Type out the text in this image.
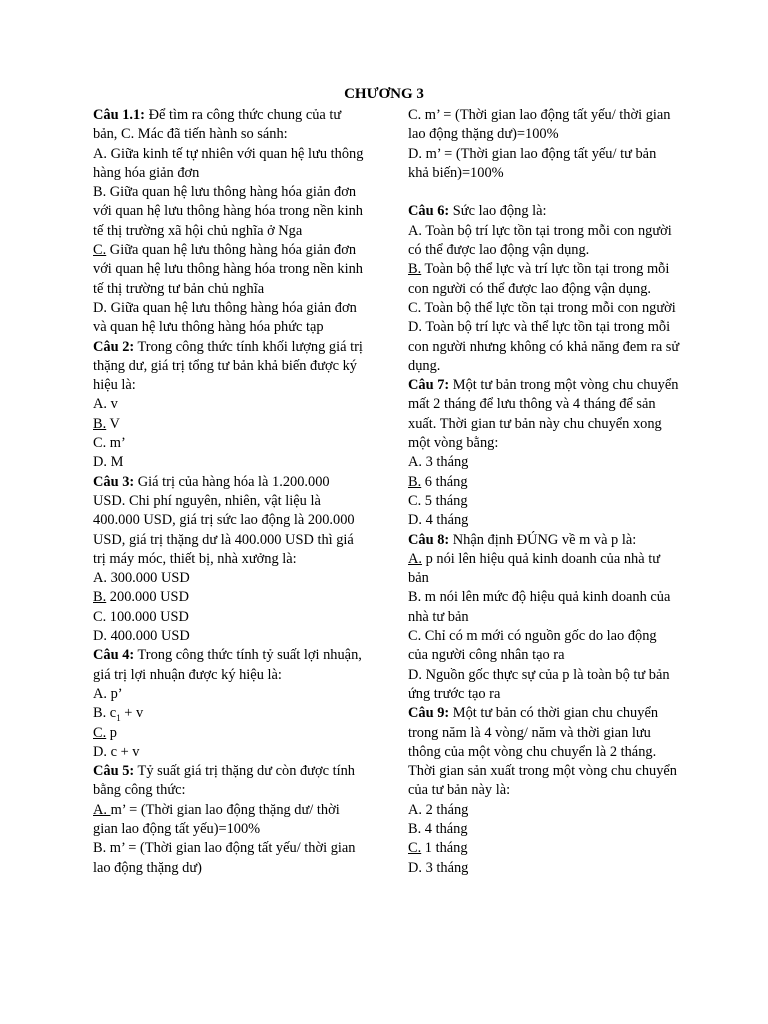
CHƯƠNG 3

Câu 1.1: Để tìm ra công thức chung của tư bản, C. Mác đã tiến hành so sánh:

A. Giữa kinh tế tự nhiên với quan hệ lưu thông hàng hóa giản đơn

B. Giữa quan hệ lưu thông hàng hóa giản đơn với quan hệ lưu thông hàng hóa trong nền kinh tế thị trường xã hội chủ nghĩa ở Nga

C. Giữa quan hệ lưu thông hàng hóa giản đơn với quan hệ lưu thông hàng hóa trong nền kinh tế thị trường tư bản chủ nghĩa

D. Giữa quan hệ lưu thông hàng hóa giản đơn và quan hệ lưu thông hàng hóa phức tạp

Câu 2: Trong công thức tính khối lượng giá trị thặng dư, giá trị tổng tư bản khả biến được ký hiệu là:

A. v

B. V

C. m’

D. M

Câu 3: Giá trị của hàng hóa là 1.200.000 USD. Chi phí nguyên, nhiên, vật liệu là 400.000 USD, giá trị sức lao động là 200.000 USD, giá trị thặng dư là 400.000 USD thì giá trị máy móc, thiết bị, nhà xưởng là:

A. 300.000 USD

B. 200.000 USD

C. 100.000 USD

D. 400.000 USD

Câu 4: Trong công thức tính tỷ suất lợi nhuận, giá trị lợi nhuận được ký hiệu là:

A. p’

B. $c_1 + v$

C. p

D. c + v

Câu 5: Tỷ suất giá trị thặng dư còn được tính bằng công thức:

A. m’ = (Thời gian lao động thặng dư/ thời gian lao động tất yếu)=100%

B. m’ = (Thời gian lao động tất yếu/ thời gian lao động thặng dư)

C. m’ = (Thời gian lao động tất yếu/ thời gian lao động thặng dư)=100%

D. m’ = (Thời gian lao động tất yếu/ tư bản khả biến)=100%

Câu 6: Sức lao động là:

A. Toàn bộ trí lực tồn tại trong mỗi con người có thể được lao động vận dụng.

B. Toàn bộ thể lực và trí lực tồn tại trong mỗi con người có thể được lao động vận dụng.

C. Toàn bộ thể lực tồn tại trong mỗi con người

D. Toàn bộ trí lực và thể lực tồn tại trong mỗi con người nhưng không có khả năng đem ra sử dụng.

Câu 7: Một tư bản trong một vòng chu chuyển mất 2 tháng để lưu thông và 4 tháng để sản xuất. Thời gian tư bản này chu chuyển xong một vòng bằng:

A. 3 tháng

B. 6 tháng

C. 5 tháng

D. 4 tháng

Câu 8: Nhận định ĐÚNG về m và p là:

A. p nói lên hiệu quả kinh doanh của nhà tư bản

B. m nói lên mức độ hiệu quả kinh doanh của nhà tư bản

C. Chỉ có m mới có nguồn gốc do lao động của người công nhân tạo ra

D. Nguồn gốc thực sự của p là toàn bộ tư bản ứng trước tạo ra

Câu 9: Một tư bản có thời gian chu chuyển trong năm là 4 vòng/ năm và thời gian lưu thông của một vòng chu chuyển là 2 tháng. Thời gian sản xuất trong một vòng chu chuyển của tư bản này là:

A. 2 tháng

B. 4 tháng

C. 1 tháng

D. 3 tháng
